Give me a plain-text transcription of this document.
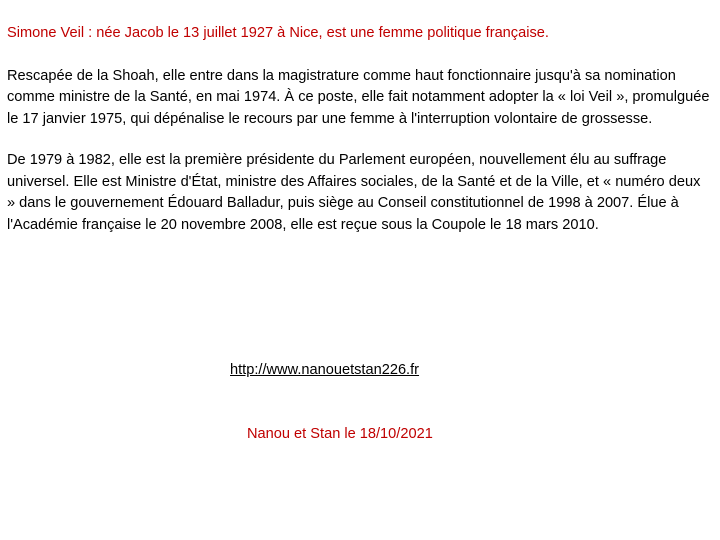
Simone Veil : née Jacob le 13 juillet 1927 à Nice, est une femme politique française.

Rescapée de la Shoah, elle entre dans la magistrature comme haut fonctionnaire jusqu'à sa nomination comme ministre de la Santé, en mai 1974. À ce poste, elle fait notamment adopter la « loi Veil », promulguée le 17 janvier 1975, qui dépénalise le recours par une femme à l'interruption volontaire de grossesse.

De 1979 à 1982, elle est la première présidente du Parlement européen, nouvellement élu au suffrage universel. Elle est Ministre d'État, ministre des Affaires sociales, de la Santé et de la Ville, et « numéro deux » dans le gouvernement Édouard Balladur, puis siège au Conseil constitutionnel de 1998 à 2007. Élue à l'Académie française le 20 novembre 2008, elle est reçue sous la Coupole le 18 mars 2010.

http://www.nanouetstan226.fr
Nanou et Stan le 18/10/2021
